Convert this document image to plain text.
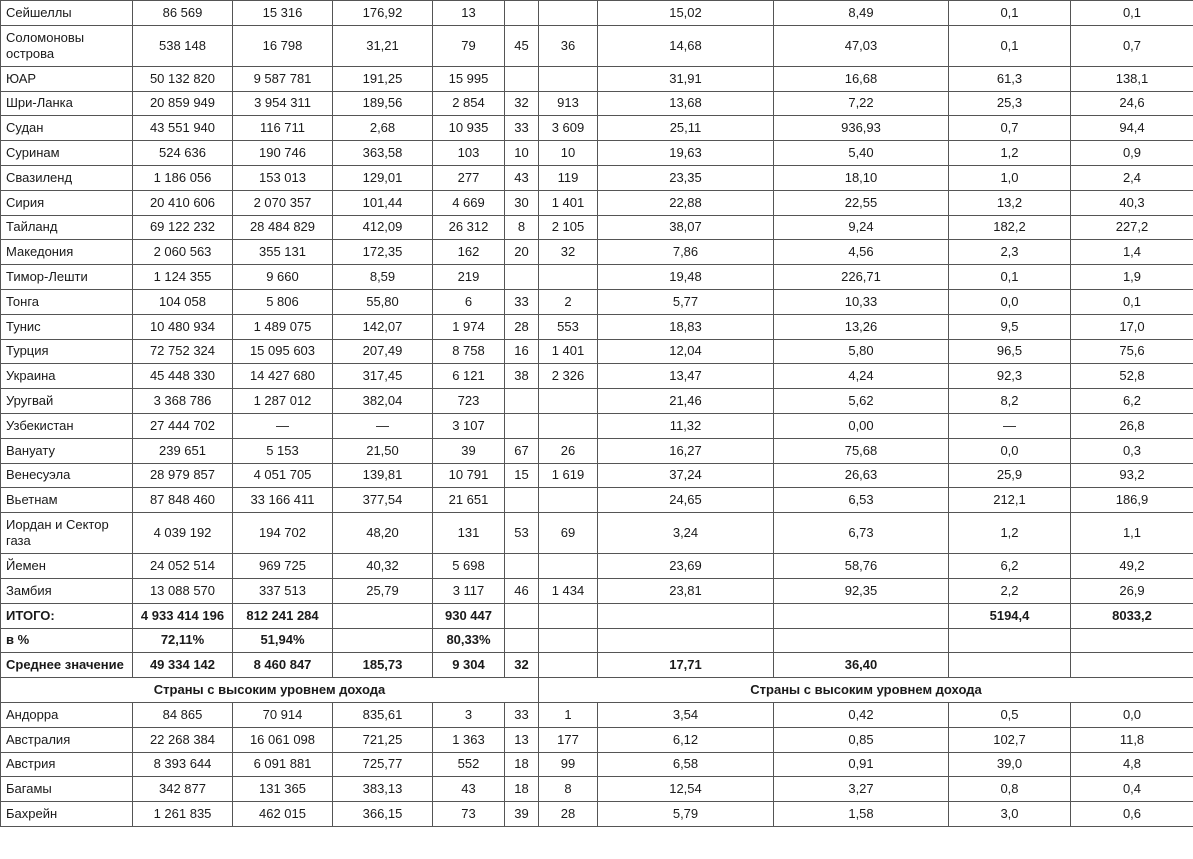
Сейшеллы	86 569	15 316	176,92	13			15,02	8,49	0,1	0,1
Соломоновы острова	538 148	16 798	31,21	79	45	36	14,68	47,03	0,1	0,7
ЮАР	50 132 820	9 587 781	191,25	15 995			31,91	16,68	61,3	138,1
Шри-Ланка	20 859 949	3 954 311	189,56	2 854	32	913	13,68	7,22	25,3	24,6
Судан	43 551 940	116 711	2,68	10 935	33	3 609	25,11	936,93	0,7	94,4
Суринам	524 636	190 746	363,58	103	10	10	19,63	5,40	1,2	0,9
Свазиленд	1 186 056	153 013	129,01	277	43	119	23,35	18,10	1,0	2,4
Сирия	20 410 606	2 070 357	101,44	4 669	30	1 401	22,88	22,55	13,2	40,3
Тайланд	69 122 232	28 484 829	412,09	26 312	8	2 105	38,07	9,24	182,2	227,2
Македония	2 060 563	355 131	172,35	162	20	32	7,86	4,56	2,3	1,4
Тимор-Лешти	1 124 355	9 660	8,59	219			19,48	226,71	0,1	1,9
Тонга	104 058	5 806	55,80	6	33	2	5,77	10,33	0,0	0,1
Тунис	10 480 934	1 489 075	142,07	1 974	28	553	18,83	13,26	9,5	17,0
Турция	72 752 324	15 095 603	207,49	8 758	16	1 401	12,04	5,80	96,5	75,6
Украина	45 448 330	14 427 680	317,45	6 121	38	2 326	13,47	4,24	92,3	52,8
Уругвай	3 368 786	1 287 012	382,04	723			21,46	5,62	8,2	6,2
Узбекистан	27 444 702	—	—	3 107			11,32	0,00	—	26,8
Вануату	239 651	5 153	21,50	39	67	26	16,27	75,68	0,0	0,3
Венесуэла	28 979 857	4 051 705	139,81	10 791	15	1 619	37,24	26,63	25,9	93,2
Вьетнам	87 848 460	33 166 411	377,54	21 651			24,65	6,53	212,1	186,9
Иордан и Сектор газа	4 039 192	194 702	48,20	131	53	69	3,24	6,73	1,2	1,1
Йемен	24 052 514	969 725	40,32	5 698			23,69	58,76	6,2	49,2
Замбия	13 088 570	337 513	25,79	3 117	46	1 434	23,81	92,35	2,2	26,9
ИТОГО:	4 933 414 196	812 241 284		930 447					5194,4	8033,2
в %	72,11%	51,94%		80,33%						
Среднее значение	49 334 142	8 460 847	185,73	9 304	32		17,71	36,40		
Страны с высоким уровнем дохода						Страны с высоким уровнем дохода				
Андорра	84 865	70 914	835,61	3	33	1	3,54	0,42	0,5	0,0
Австралия	22 268 384	16 061 098	721,25	1 363	13	177	6,12	0,85	102,7	11,8
Австрия	8 393 644	6 091 881	725,77	552	18	99	6,58	0,91	39,0	4,8
Багамы	342 877	131 365	383,13	43	18	8	12,54	3,27	0,8	0,4
Бахрейн	1 261 835	462 015	366,15	73	39	28	5,79	1,58	3,0	0,6
